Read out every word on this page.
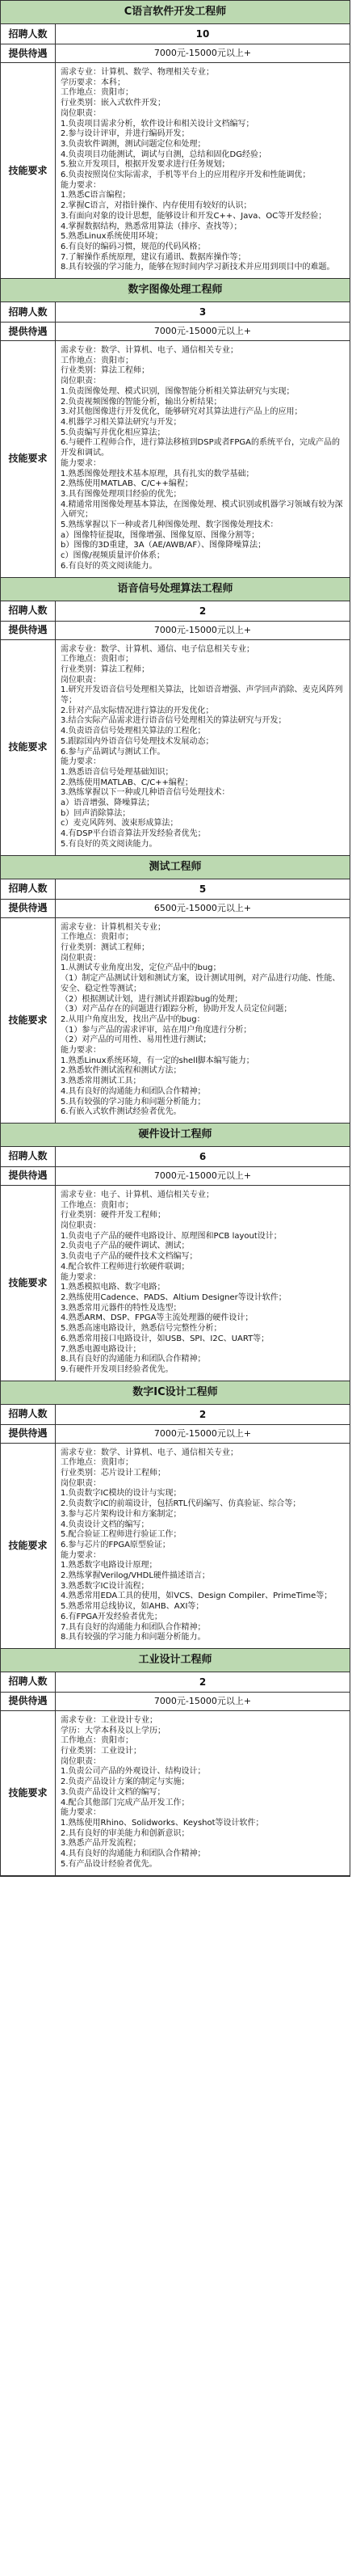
C语言软件开发工程师
招聘人数	10
提供待遇	7000元-15000元以上+
技能要求
需求专业：计算机、数学、物理相关专业；
学历要求：本科；
工作地点：贵阳市；
行业类别：嵌入式软件开发；
岗位职责：
1.负责项目需求分析，软件设计和相关设计文档编写；
2.参与设计评审，并进行编码开发；
3.负责软件调测，测试问题定位和处理；
4.负责项目功能测试，调试与自测，总结和固化DG经验；
5.独立开发项目，根据开发要求进行任务规划；
6.负责按照岗位实际需求，手机等平台上的应用程序开发和性能调优；
能力要求：
1.熟悉C语言编程；
2.掌握C语言，对指针操作、内存使用有较好的认识；
3.有面向对象的设计思想，能够设计和开发C++、Java、OC等开发经验；
4.掌握数据结构，熟悉常用算法（排序、查找等）；
5.熟悉Linux系统使用环境；
6.有良好的编码习惯，规范的代码风格；
7.了解操作系统原理，建议有通讯、数据库操作等；
8.具有较强的学习能力，能够在短时间内学习新技术并应用到项目中的难题。
数字图像处理工程师
招聘人数	3
提供待遇	7000元-15000元以上+
技能要求
需求专业：数学、计算机、电子、通信相关专业；
工作地点：贵阳市；
行业类别：算法工程师；
岗位职责：
1.负责图像处理、模式识别，图像智能分析相关算法研究与实现；
2.负责视频图像的智能分析，输出分析结果；
3.对其他图像进行开发优化，能够研究对其算法进行产品上的应用；
4.机器学习相关算法研究与开发；
5.负责编写并优化相应算法；
6.与硬件工程师合作，进行算法移植到DSP或者FPGA的系统平台，完成产品的开发和调试。
能力要求：
1.熟悉图像处理技术基本原理，具有扎实的数学基础；
2.熟练使用MATLAB、C/C++编程；
3.具有图像处理项目经验的优先；
4.精通常用图像处理基本算法，在图像处理、模式识别或机器学习领域有较为深入研究；
5.熟练掌握以下一种或者几种图像处理、数字图像处理技术：
a）图像特征提取，图像增强、图像复原、图像分割等；
b）图像的3D重建，3A（AE/AWB/AF）、图像降噪算法；
c）图像/视频质量评价体系；
6.有良好的英文阅读能力。
语音信号处理算法工程师
招聘人数	2
提供待遇	7000元-15000元以上+
技能要求
需求专业：数学、计算机、通信、电子信息相关专业；
工作地点：贵阳市；
行业类别：算法工程师；
岗位职责：
1.研究开发语音信号处理相关算法，比如语音增强、声学回声消除、麦克风阵列等；
2.针对产品实际情况进行算法的开发优化；
3.结合实际产品需求进行语音信号处理相关的算法研究与开发；
4.负责语音信号处理相关算法的工程化；
5.跟踪国内外语音信号处理技术发展动态；
6.参与产品调试与测试工作。
能力要求：
1.熟悉语音信号处理基础知识；
2.熟练使用MATLAB、C/C++编程；
3.熟练掌握以下一种或几种语音信号处理技术：
a）语音增强、降噪算法；
b）回声消除算法；
c）麦克风阵列、波束形成算法；
4.有DSP平台语音算法开发经验者优先；
5.有良好的英文阅读能力。
测试工程师
招聘人数	5
提供待遇	6500元-15000元以上+
技能要求
需求专业：计算机相关专业；
工作地点：贵阳市；
行业类别：测试工程师；
岗位职责：
1.从测试专业角度出发，定位产品中的bug；
（1）制定产品测试计划和测试方案，设计测试用例，对产品进行功能、性能、安全、稳定性等测试；
（2）根据测试计划，进行测试并跟踪bug的处理；
（3）对产品存在的问题进行跟踪分析，协助开发人员定位问题；
2.从用户角度出发，找出产品中的bug：
（1）参与产品的需求评审，站在用户角度进行分析；
（2）对产品的可用性、易用性进行测试；
能力要求：
1.熟悉Linux系统环境，有一定的shell脚本编写能力；
2.熟悉软件测试流程和测试方法；
3.熟悉常用测试工具；
4.具有良好的沟通能力和团队合作精神；
5.具有较强的学习能力和问题分析能力；
6.有嵌入式软件测试经验者优先。
硬件设计工程师
招聘人数	6
提供待遇	7000元-15000元以上+
技能要求
需求专业：电子、计算机、通信相关专业；
工作地点：贵阳市；
行业类别：硬件开发工程师；
岗位职责：
1.负责电子产品的硬件电路设计、原理图和PCB layout设计；
2.负责电子产品的硬件调试、测试；
3.负责电子产品的硬件技术文档编写；
4.配合软件工程师进行软硬件联调；
能力要求：
1.熟悉模拟电路、数字电路；
2.熟练使用Cadence、PADS、Altium Designer等设计软件；
3.熟悉常用元器件的特性及选型；
4.熟悉ARM、DSP、FPGA等主流处理器的硬件设计；
5.熟悉高速电路设计，熟悉信号完整性分析；
6.熟悉常用接口电路设计，如USB、SPI、I2C、UART等；
7.熟悉电源电路设计；
8.具有良好的沟通能力和团队合作精神；
9.有硬件开发项目经验者优先。
数字IC设计工程师
招聘人数	2
提供待遇	7000元-15000元以上+
技能要求
需求专业：数学、计算机、电子、通信相关专业；
工作地点：贵阳市；
行业类别：芯片设计工程师；
岗位职责：
1.负责数字IC模块的设计与实现；
2.负责数字IC的前端设计，包括RTL代码编写、仿真验证、综合等；
3.参与芯片架构设计和方案制定；
4.负责设计文档的编写；
5.配合验证工程师进行验证工作；
6.参与芯片的FPGA原型验证；
能力要求：
1.熟悉数字电路设计原理；
2.熟练掌握Verilog/VHDL硬件描述语言；
3.熟悉数字IC设计流程；
4.熟悉常用EDA工具的使用，如VCS、Design Compiler、PrimeTime等；
5.熟悉常用总线协议，如AHB、AXI等；
6.有FPGA开发经验者优先；
7.具有良好的沟通能力和团队合作精神；
8.具有较强的学习能力和问题分析能力。
工业设计工程师
招聘人数	2
提供待遇	7000元-15000元以上+
技能要求
需求专业：工业设计专业；
学历：大学本科及以上学历；
工作地点：贵阳市；
行业类别：工业设计；
岗位职责：
1.负责公司产品的外观设计、结构设计；
2.负责产品设计方案的制定与实施；
3.负责产品设计文档的编写；
4.配合其他部门完成产品开发工作；
能力要求：
1.熟练使用Rhino、Solidworks、Keyshot等设计软件；
2.具有良好的审美能力和创新意识；
3.熟悉产品开发流程；
4.具有良好的沟通能力和团队合作精神；
5.有产品设计经验者优先。
